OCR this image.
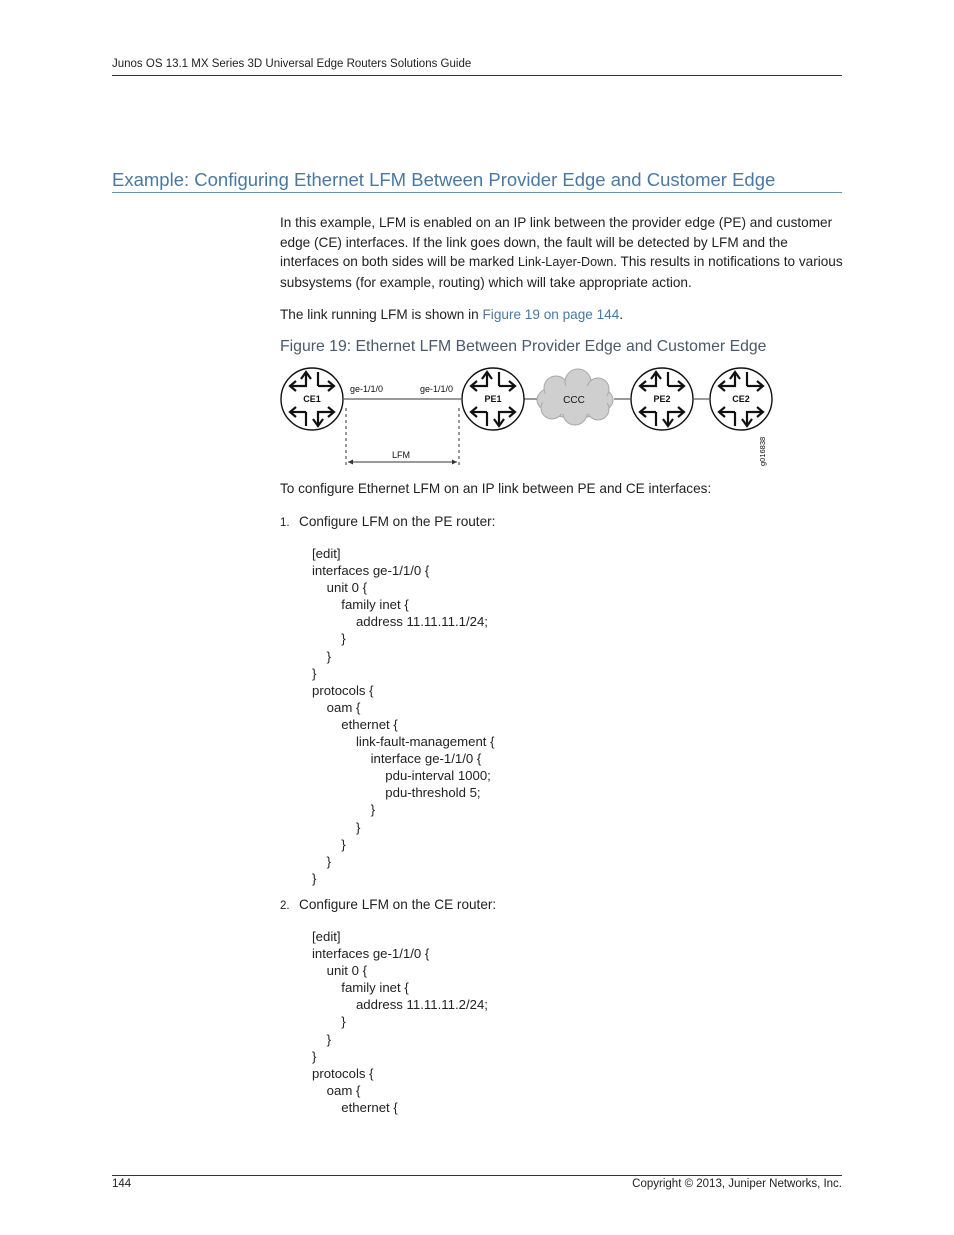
Junos OS 13.1 MX Series 3D Universal Edge Routers Solutions Guide
Example: Configuring Ethernet LFM Between Provider Edge and Customer Edge
In this example, LFM is enabled on an IP link between the provider edge (PE) and customer edge (CE) interfaces. If the link goes down, the fault will be detected by LFM and the interfaces on both sides will be marked Link-Layer-Down. This results in notifications to various subsystems (for example, routing) which will take appropriate action.
The link running LFM is shown in Figure 19 on page 144.
Figure 19: Ethernet LFM Between Provider Edge and Customer Edge
CCC
CE1	PE1	PE2	CE2
ge-1/1/0	ge-1/1/0
LFM	g016838
To configure Ethernet LFM on an IP link between PE and CE interfaces:
1. Configure LFM on the PE router:
[edit]
interfaces ge-1/1/0 {
unit 0 {
family inet {
address 11.11.11.1/24;
}
}
}
protocols {
oam {
ethernet {
link-fault-management {
interface ge-1/1/0 {
pdu-interval 1000;
pdu-threshold 5;
}
}
}
}
}
2. Configure LFM on the CE router:
[edit]
interfaces ge-1/1/0 {
unit 0 {
family inet {
address 11.11.11.2/24;
}
}
}
protocols {
oam {
ethernet {
144	Copyright © 2013, Juniper Networks, Inc.
